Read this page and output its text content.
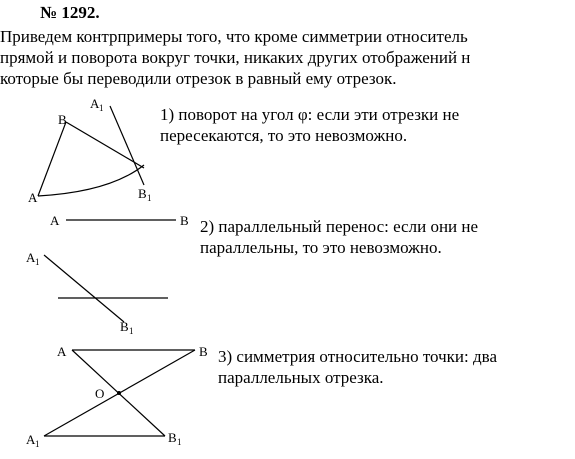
№ 1292.
Приведем контрпримеры того, что кроме симметрии относитель
прямой и поворота вокруг точки, никаких других отображений н
которые бы переводили отрезок в равный ему отрезок.
1) поворот на угол φ: если эти отрезки не
пересекаются, то это невозможно.
2) параллельный перенос: если они не
параллельны, то это невозможно.
3) симметрия относительно точки: два
параллельных отрезка.
B
A
A 1
B 1
A	B
A 1
B 1
A	B
O
A 1	B 1
